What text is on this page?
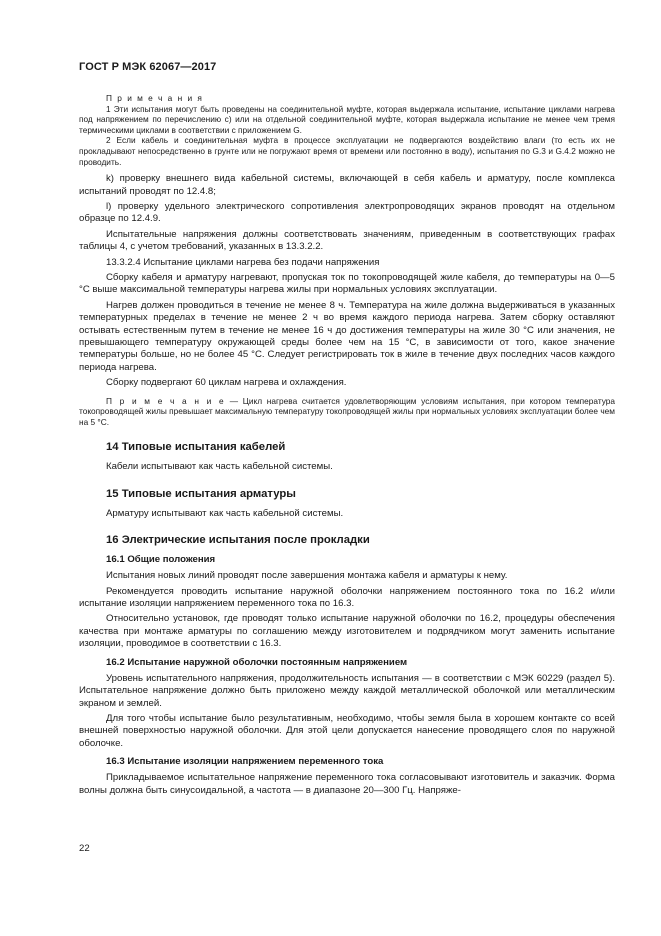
ГОСТ Р МЭК 62067—2017

П р и м е ч а н и я

1 Эти испытания могут быть проведены на соединительной муфте, которая выдержала испытание, испытание циклами нагрева под напряжением по перечислению с) или на отдельной соединительной муфте, которая выдержала испытание не менее чем тремя термическими циклами в соответствии с приложением G.

2 Если кабель и соединительная муфта в процессе эксплуатации не подвергаются воздействию влаги (то есть их не прокладывают непосредственно в грунте или не погружают время от времени или постоянно в воду), испытания по G.3 и G.4.2 можно не проводить.

k) проверку внешнего вида кабельной системы, включающей в себя кабель и арматуру, после комплекса испытаний проводят по 12.4.8;

l) проверку удельного электрического сопротивления электропроводящих экранов проводят на отдельном образце по 12.4.9.

Испытательные напряжения должны соответствовать значениям, приведенным в соответствующих графах таблицы 4, с учетом требований, указанных в 13.3.2.2.

13.3.2.4 Испытание циклами нагрева без подачи напряжения

Сборку кабеля и арматуру нагревают, пропуская ток по токопроводящей жиле кабеля, до температуры на 0—5 °С выше максимальной температуры нагрева жилы при нормальных условиях эксплуатации.

Нагрев должен проводиться в течение не менее 8 ч. Температура на жиле должна выдерживаться в указанных температурных пределах в течение не менее 2 ч во время каждого периода нагрева. Затем сборку оставляют остывать естественным путем в течение не менее 16 ч до достижения температуры на жиле 30 °С или значения, не превышающего температуру окружающей среды более чем на 15 °С, в зависимости от того, какое значение температуры больше, но не более 45 °С. Следует регистрировать ток в жиле в течение двух последних часов каждого периода нагрева.

Сборку подвергают 60 циклам нагрева и охлаждения.

П р и м е ч а н и е — Цикл нагрева считается удовлетворяющим условиям испытания, при котором температура токопроводящей жилы превышает максимальную температуру токопроводящей жилы при нормальных условиях эксплуатации более чем на 5 °С.

14 Типовые испытания кабелей

Кабели испытывают как часть кабельной системы.

15 Типовые испытания арматуры

Арматуру испытывают как часть кабельной системы.

16 Электрические испытания после прокладки
16.1 Общие положения

Испытания новых линий проводят после завершения монтажа кабеля и арматуры к нему.

Рекомендуется проводить испытание наружной оболочки напряжением постоянного тока по 16.2 и/или испытание изоляции напряжением переменного тока по 16.3.

Относительно установок, где проводят только испытание наружной оболочки по 16.2, процедуры обеспечения качества при монтаже арматуры по соглашению между изготовителем и подрядчиком могут заменить испытание изоляции, проводимое в соответствии с 16.3.

16.2 Испытание наружной оболочки постоянным напряжением

Уровень испытательного напряжения, продолжительность испытания — в соответствии с МЭК 60229 (раздел 5). Испытательное напряжение должно быть приложено между каждой металлической оболочкой или металлическим экраном и землей.

Для того чтобы испытание было результативным, необходимо, чтобы земля была в хорошем контакте со всей внешней поверхностью наружной оболочки. Для этой цели допускается нанесение проводящего слоя по наружной оболочке.

16.3 Испытание изоляции напряжением переменного тока

Прикладываемое испытательное напряжение переменного тока согласовывают изготовитель и заказчик. Форма волны должна быть синусоидальной, а частота — в диапазоне 20—300 Гц. Напряже-

22
